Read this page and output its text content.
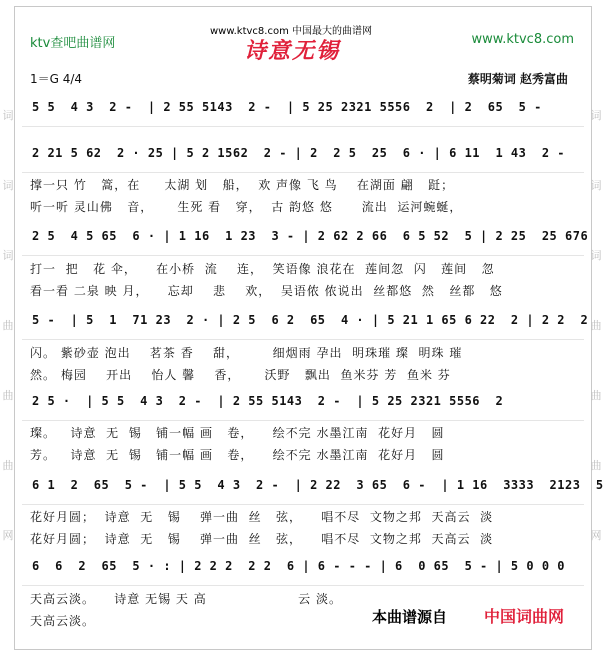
词
词
词
曲
曲
曲
网
词
词
词
曲
曲
曲
网
ktv查吧曲谱网
www.ktvc8.com 中国最大的曲谱网
www.ktvc8.com
诗意无锡
1＝G 4/4	蔡明菊词 赵秀富曲
5 5  4 3  2 -  | 2 55 5143  2 -  | 5 25 2321 5556  2  | 2  65  5 -
2 21 5 62  2 · 25 | 5 2 1562  2 - | 2  2 5  25  6 · | 6 11  1 43  2 -
撑一只 竹   篙，在     太湖 划   船，  欢 声像 飞 鸟    在湖面 翩   跹；
听一听 灵山佛   音，     生死 看   穿，  古 韵悠 悠      流出  运河蜿蜒，
2 5  4 5 65  6 · | 1 16  1 23  3 - | 2 62 2 66  6 5 52  5 | 2 25  25 676
打一  把   花 伞，    在小桥  流    连，  笑语像 浪花在  莲间忽  闪   莲间   忽
看一看 二泉 映 月，    忘却    悲    欢，  吴语侬 侬说出  丝都悠  然   丝都   悠
5 -  | 5  1  71 23  2 · | 2 5  6 2  65  4 · | 5 21 1 65 6 22  2 | 2 2  2
闪。 紫砂壶 泡出    茗茶 香    甜，       细烟雨 孕出  明珠璀 璨  明珠 璀
然。 梅园    开出    怡人 馨    香，     沃野   飘出  鱼米芬 芳  鱼米 芬
2 5 ·  | 5 5  4 3  2 -  | 2 55 5143  2 -  | 5 25 2321 5556  2
璨。   诗意  无  锡   铺一幅 画   卷，    绘不完 水墨江南  花好月   圆
芳。   诗意  无  锡   铺一幅 画   卷，    绘不完 水墨江南  花好月   圆
6 1  2  65  5 -  | 5 5  4 3  2 -  | 2 22  3 65  6 -  | 1 16  3333  2123  5
花好月圆；  诗意  无   锡    弹一曲  丝   弦，    唱不尽  文物之邦  天高云  淡
花好月圆；  诗意  无   锡    弹一曲  丝   弦，    唱不尽  文物之邦  天高云  淡
6  6  2  65  5 · : | 2 2 2  2 2  6 | 6 - - - | 6  0 65  5 - | 5 0 0 0
天高云淡。    诗意 无锡 天 高                   云 淡。
天高云淡。	本曲谱源自 中国词曲网
